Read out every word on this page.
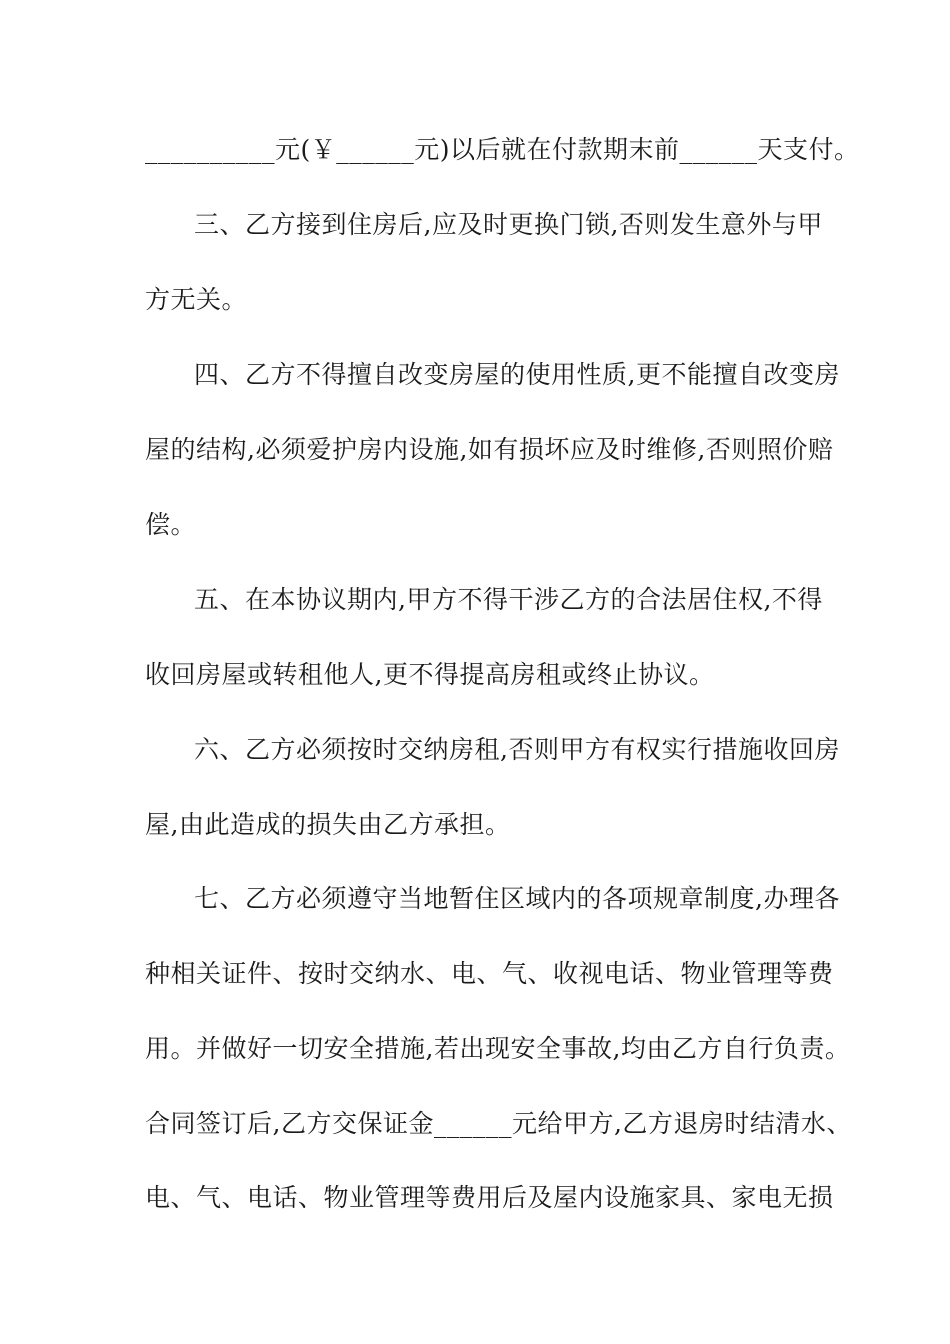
__________元(￥______元)以后就在付款期末前______天支付。
三、乙方接到住房后,应及时更换门锁,否则发生意外与甲
方无关。
四、乙方不得擅自改变房屋的使用性质,更不能擅自改变房
屋的结构,必须爱护房内设施,如有损坏应及时维修,否则照价赔
偿。
五、在本协议期内,甲方不得干涉乙方的合法居住权,不得
收回房屋或转租他人,更不得提高房租或终止协议。
六、乙方必须按时交纳房租,否则甲方有权实行措施收回房
屋,由此造成的损失由乙方承担。
七、乙方必须遵守当地暂住区域内的各项规章制度,办理各
种相关证件、按时交纳水、电、气、收视电话、物业管理等费
用。并做好一切安全措施,若出现安全事故,均由乙方自行负责。
合同签订后,乙方交保证金______元给甲方,乙方退房时结清水、
电、气、电话、物业管理等费用后及屋内设施家具、家电无损
